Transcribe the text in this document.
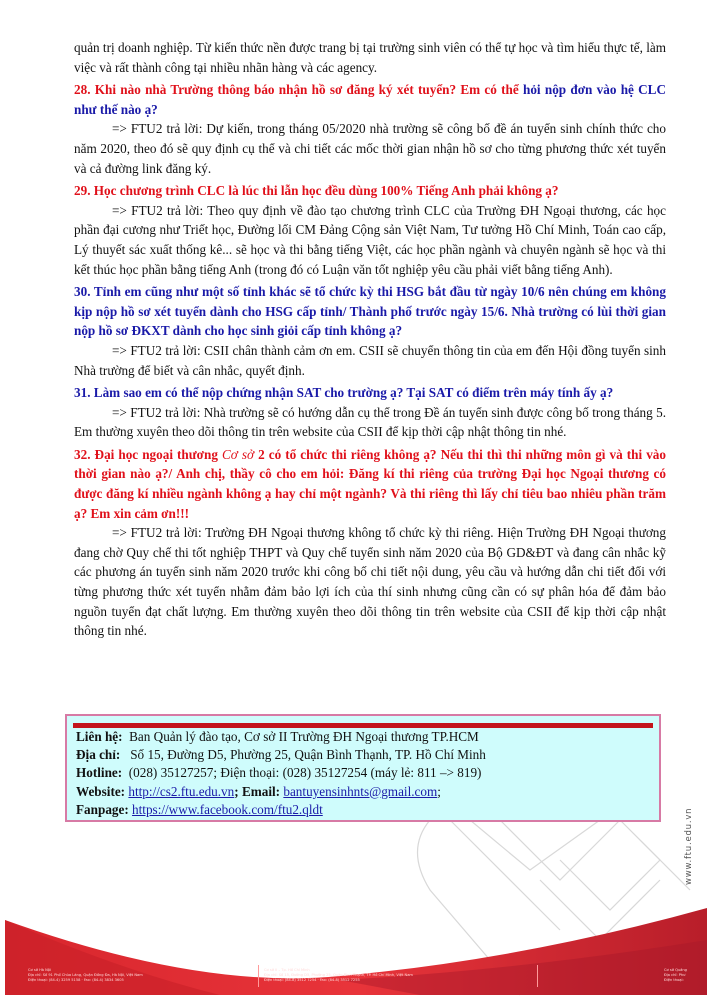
quản trị doanh nghiệp. Từ kiến thức nền được trang bị tại trường sinh viên có thể tự học và tìm hiểu thực tế, làm việc và rất thành công tại nhiều nhãn hàng và các agency.

28. Khi nào nhà Trường thông báo nhận hồ sơ đăng ký xét tuyển? Em có thể hỏi nộp đơn vào hệ CLC như thế nào ạ?

=> FTU2 trả lời: Dự kiến, trong tháng 05/2020 nhà trường sẽ công bố đề án tuyển sinh chính thức cho năm 2020, theo đó sẽ quy định cụ thể và chi tiết các mốc thời gian nhận hồ sơ cho từng phương thức xét tuyển và cả đường link đăng ký.

29. Học chương trình CLC là lúc thi lẫn học đều dùng 100% Tiếng Anh phải không ạ?

=> FTU2 trả lời: Theo quy định về đào tạo chương trình CLC của Trường ĐH Ngoại thương, các học phần đại cương như Triết học, Đường lối CM Đảng Cộng sản Việt Nam, Tư tưởng Hồ Chí Minh, Toán cao cấp, Lý thuyết sác xuất thống kê... sẽ học và thi bằng tiếng Việt, các học phần ngành và chuyên ngành sẽ học và thi kết thúc học phần bằng tiếng Anh (trong đó có Luận văn tốt nghiệp yêu cầu phải viết bằng tiếng Anh).

30. Tỉnh em cũng như một số tỉnh khác sẽ tổ chức kỳ thi HSG bắt đầu từ ngày 10/6 nên chúng em không kịp nộp hồ sơ xét tuyển dành cho HSG cấp tỉnh/ Thành phố trước ngày 15/6. Nhà trường có lùi thời gian nộp hồ sơ ĐKXT dành cho học sinh giỏi cấp tỉnh không ạ?

=> FTU2 trả lời: CSII chân thành cảm ơn em. CSII sẽ chuyển thông tin của em đến Hội đồng tuyển sinh Nhà trường để biết và cân nhắc, quyết định.

31. Làm sao em có thể nộp chứng nhận SAT cho trường ạ? Tại SAT có điểm trên máy tính ấy ạ?

=> FTU2 trả lời: Nhà trường sẽ có hướng dẫn cụ thể trong Đề án tuyển sinh được công bố trong tháng 5. Em thường xuyên theo dõi thông tin trên website của CSII để kịp thời cập nhật thông tin nhé.

32. Đại học ngoại thương Cơ sở 2 có tổ chức thi riêng không ạ? Nếu thi thì thi những môn gì và thi vào thời gian nào ạ?/ Anh chị, thầy cô cho em hỏi: Đăng kí thi riêng của trường Đại học Ngoại thương có được đăng kí nhiều ngành không ạ hay chỉ một ngành? Và thi riêng thì lấy chỉ tiêu bao nhiêu phần trăm ạ? Em xin cảm ơn!!!

=> FTU2 trả lời: Trường ĐH Ngoại thương không tổ chức kỳ thi riêng. Hiện Trường ĐH Ngoại thương đang chờ Quy chế thi tốt nghiệp THPT và Quy chế tuyển sinh năm 2020 của Bộ GD&ĐT và đang cân nhắc kỹ các phương án tuyển sinh năm 2020 trước khi công bố chi tiết nội dung, yêu cầu và hướng dẫn chi tiết đối với từng phương thức xét tuyển nhằm đảm bảo lợi ích của thí sinh nhưng cũng cần có sự phân hóa để đảm bảo nguồn tuyển đạt chất lượng. Em thường xuyên theo dõi thông tin trên website của CSII để kịp thời cập nhật thông tin nhé.

Liên hệ: Ban Quản lý đào tạo, Cơ sở II Trường ĐH Ngoại thương TP.HCM
Địa chỉ: Số 15, Đường D5, Phường 25, Quận Bình Thạnh, TP. Hồ Chí Minh
Hotline: (028) 35127257; Điện thoại: (028) 35127254 (máy lẻ: 811 –> 819)
Website: http://cs2.ftu.edu.vn; Email: bantuyensinhnts@gmail.com;
Fanpage: https://www.facebook.com/ftu2.qldt	www.ftu.edu.vn
Cơ sở Hà Nội
Địa chỉ: Số 91 Phố Chùa Láng, Quận Đống Đa, Hà Nội, Việt Nam
Điện thoại: (84-4) 3259 5158 · Fax: (84-4) 3834 3605
Cơ sở II – Tp. Hồ Chí Minh
Địa chỉ: Số 15, Đường D5, Phường 25, Quận Bình Thạnh, TP. Hồ Chí Minh, Việt Nam
Điện thoại: (84-8) 3512 7254 · Fax: (84-8) 3512 7255
Cơ sở Quảng
Địa chỉ: Phư
Điện thoại:
